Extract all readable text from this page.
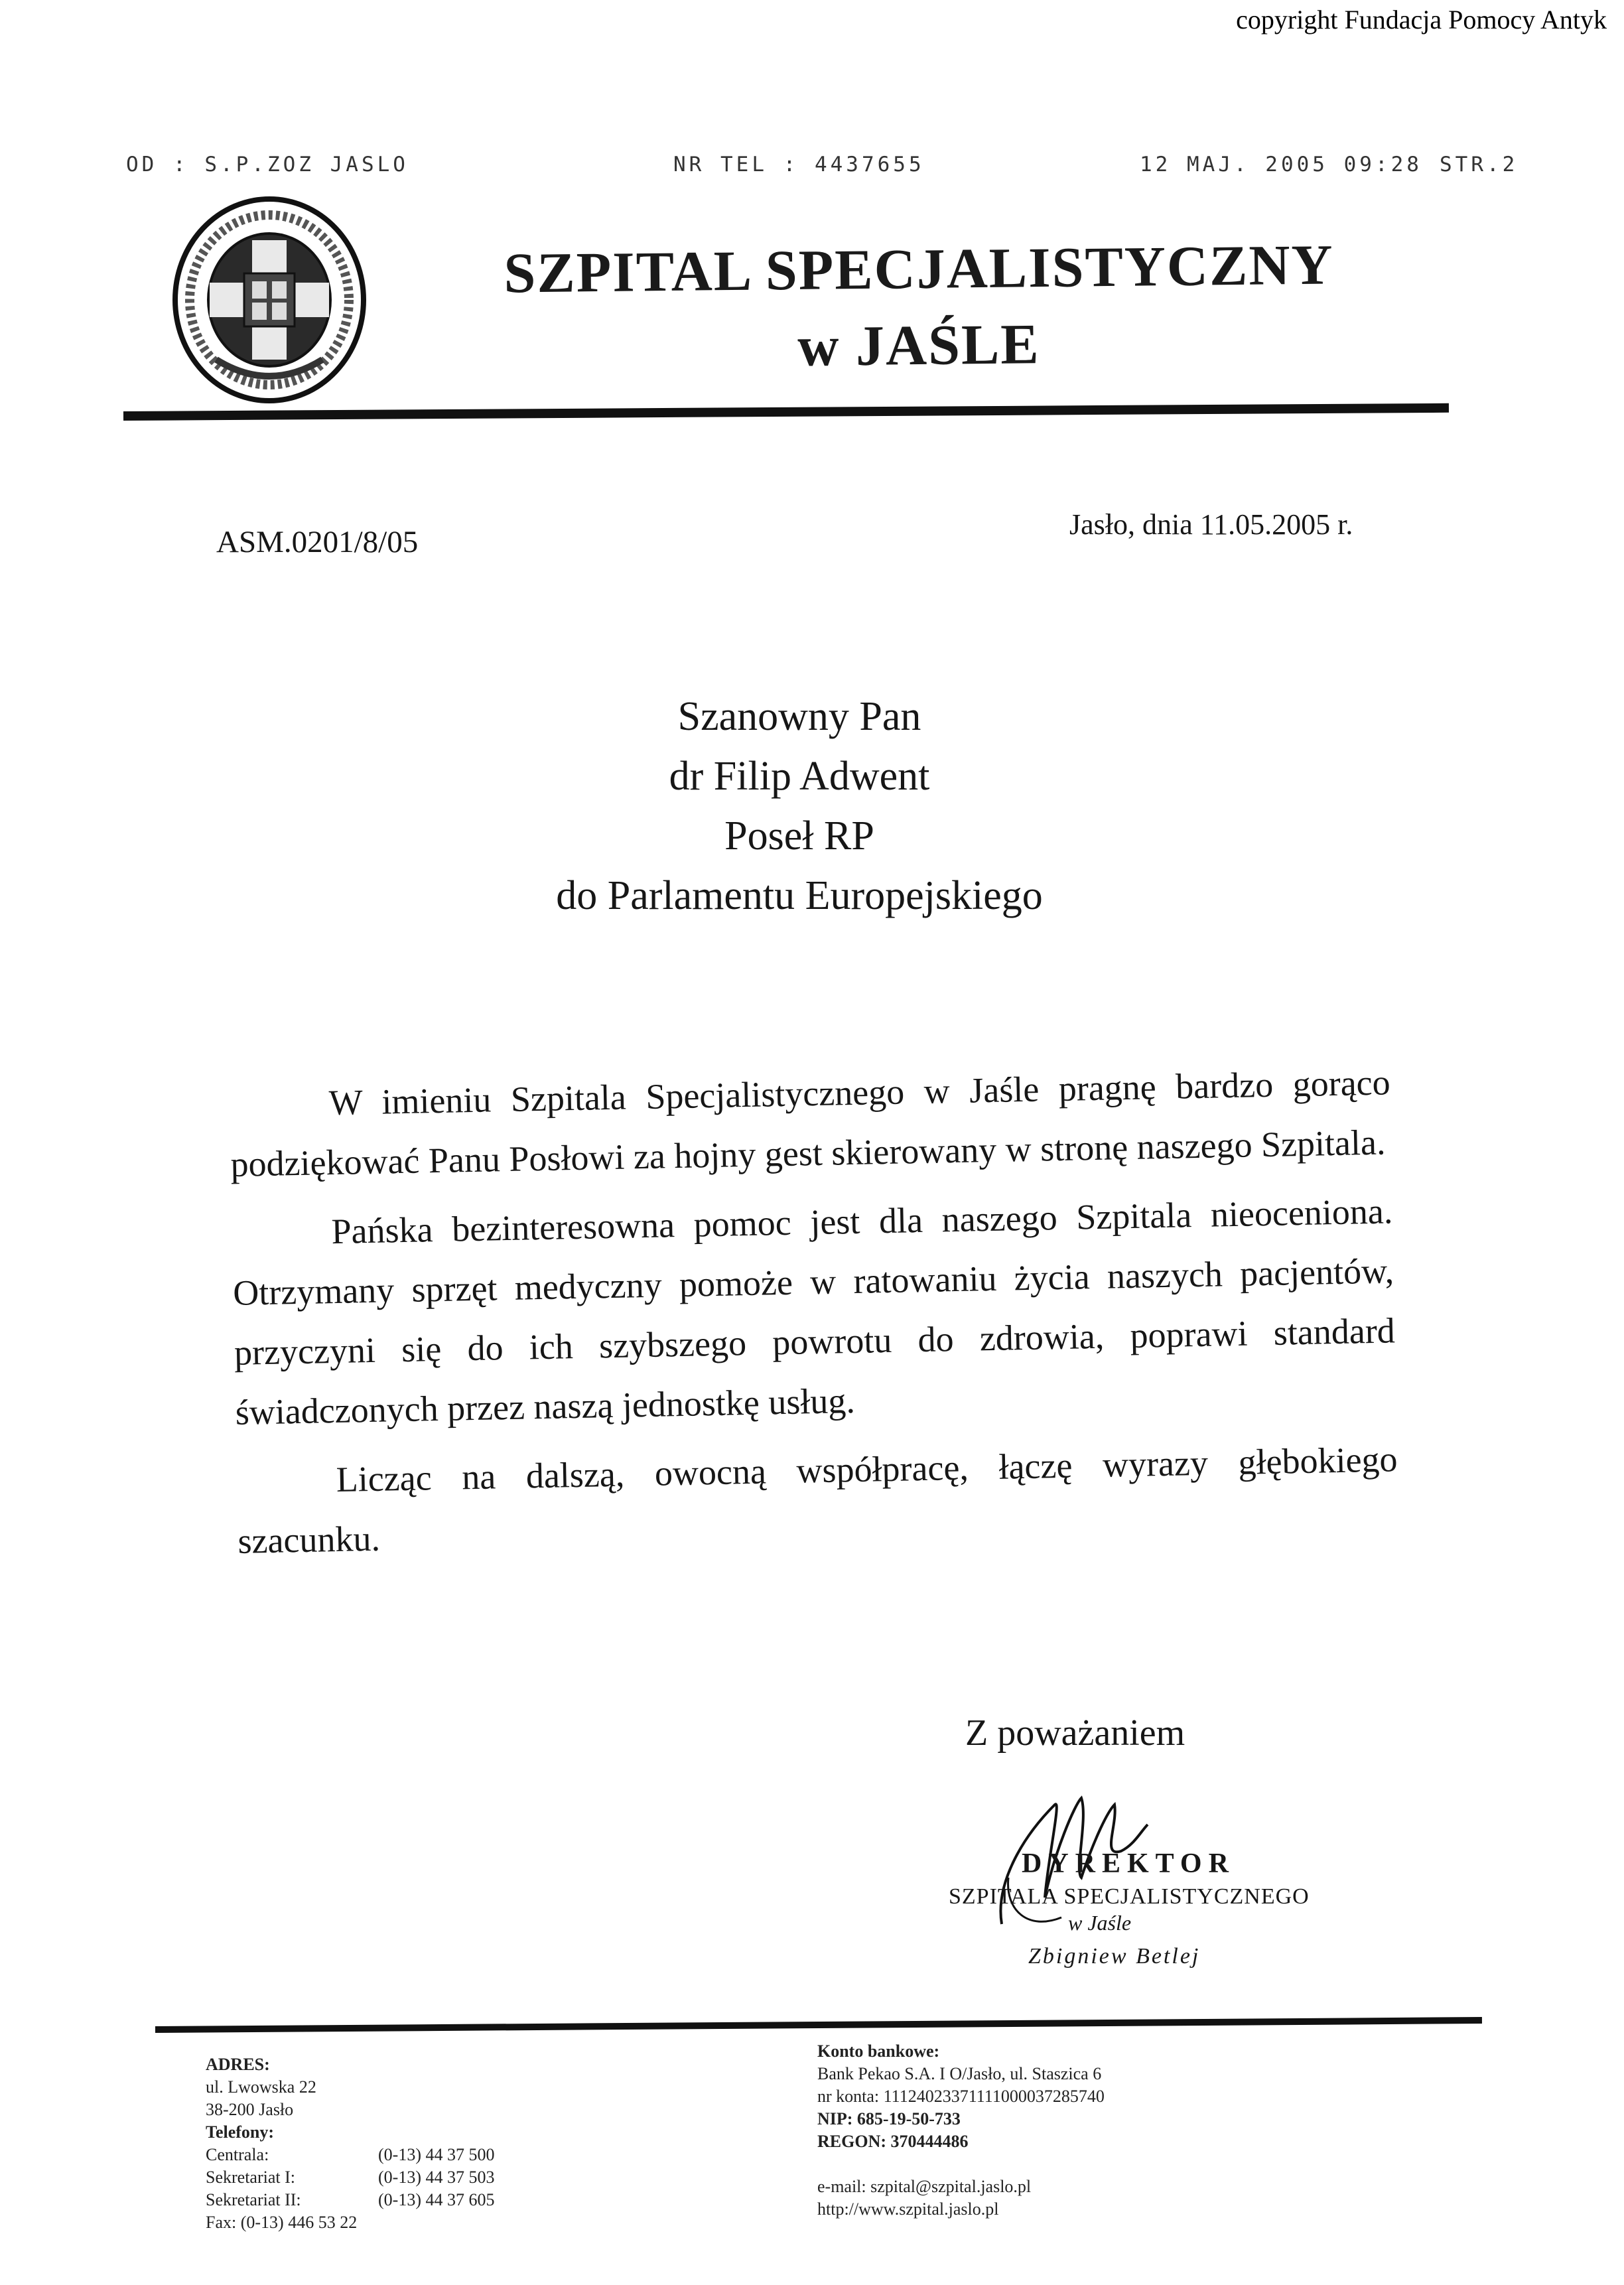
copyright Fundacja Pomocy Antyk
OD : S.P.ZOZ JASLO	NR TEL : 4437655	12 MAJ. 2005 09:28 STR.2
SZPITAL SPECJALISTYCZNY
w JAŚLE
ASM.0201/8/05
Jasło, dnia 11.05.2005 r.
Szanowny Pan
dr Filip Adwent
Poseł RP
do Parlamentu Europejskiego

W imieniu Szpitala Specjalistycznego w Jaśle pragnę bardzo gorąco podziękować Panu Posłowi za hojny gest skierowany w stronę naszego Szpitala.

Pańska bezinteresowna pomoc jest dla naszego Szpitala nieoceniona. Otrzymany sprzęt medyczny pomoże w ratowaniu życia naszych pacjentów, przyczyni się do ich szybszego powrotu do zdrowia, poprawi standard świadczonych przez naszą jednostkę usług.

Licząc na dalszą, owocną współpracę, łączę wyrazy głębokiego szacunku.

Z poważaniem
DYREKTOR
SZPITALA SPECJALISTYCZNEGO
w Jaśle
Zbigniew Betlej
ADRES:
ul. Lwowska 22
38-200 Jasło
Telefony:
Centrala:	(0-13) 44 37 500
Sekretariat I:	(0-13) 44 37 503
Sekretariat II:	(0-13) 44 37 605
Fax: (0-13) 446 53 22
Konto bankowe:
Bank Pekao S.A. I O/Jasło, ul. Staszica 6
nr konta: 11124023371111000037285740
NIP: 685-19-50-733
REGON: 370444486
e-mail: szpital@szpital.jaslo.pl
http://www.szpital.jaslo.pl
